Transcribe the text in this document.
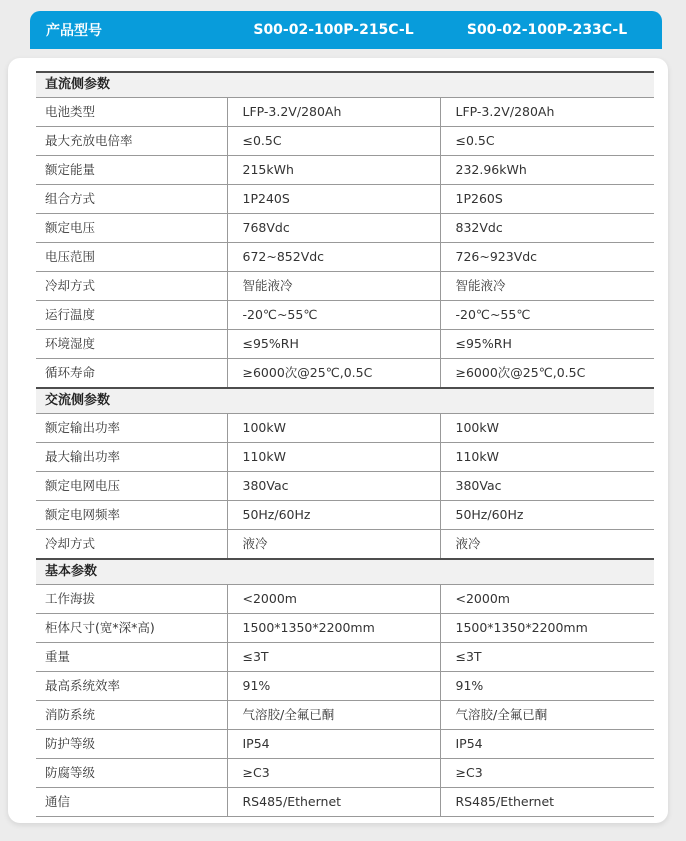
产品型号	S00-02-100P-215C-L	S00-02-100P-233C-L
直流侧参数		
电池类型	LFP-3.2V/280Ah	LFP-3.2V/280Ah
最大充放电倍率	≤0.5C	≤0.5C
额定能量	215kWh	232.96kWh
组合方式	1P240S	1P260S
额定电压	768Vdc	832Vdc
电压范围	672~852Vdc	726~923Vdc
冷却方式	智能液冷	智能液冷
运行温度	-20℃~55℃	-20℃~55℃
环境湿度	≤95%RH	≤95%RH
循环寿命	≥6000次@25℃,0.5C	≥6000次@25℃,0.5C
交流侧参数		
额定输出功率	100kW	100kW
最大输出功率	110kW	110kW
额定电网电压	380Vac	380Vac
额定电网频率	50Hz/60Hz	50Hz/60Hz
冷却方式	液冷	液冷
基本参数		
工作海拔	<2000m	<2000m
柜体尺寸(宽*深*高)	1500*1350*2200mm	1500*1350*2200mm
重量	≤3T	≤3T
最高系统效率	91%	91%
消防系统	气溶胶/全氟已酮	气溶胶/全氟已酮
防护等级	IP54	IP54
防腐等级	≥C3	≥C3
通信	RS485/Ethernet	RS485/Ethernet
